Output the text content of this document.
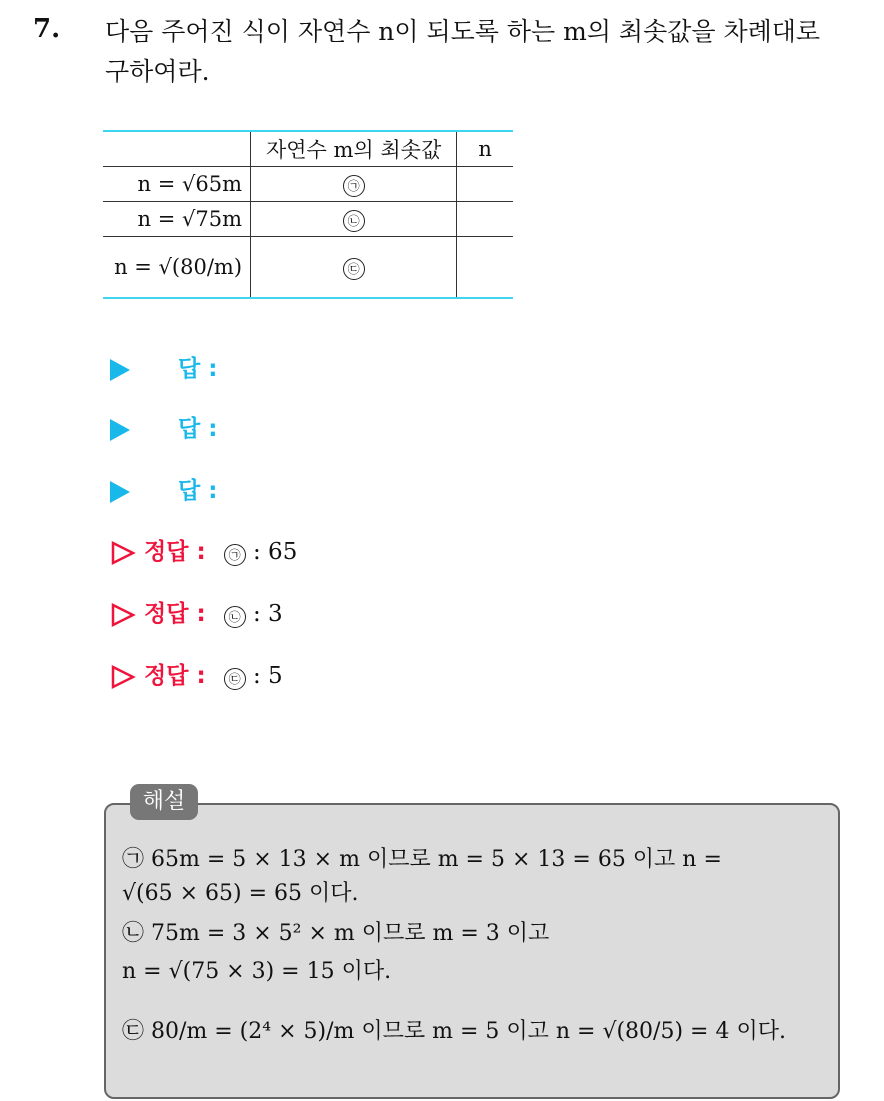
7. 다음 주어진 식이 자연수 n이 되도록 하는 m의 최솟값을 차례대로
구하여라.
	자연수 m의 최솟값	n
n = √65m	㉠	
n = √75m	㉡	
n = √(80/m)	㉢	
답 :
답 :
답 :
정답 : ㉠ : 65
정답 : ㉡ : 3
정답 : ㉢ : 5
해설
㉠ 65m = 5 × 13 × m 이므로 m = 5 × 13 = 65 이고 n =
√(65 × 65) = 65 이다.
㉡ 75m = 3 × 5² × m 이므로 m = 3 이고
n = √(75 × 3) = 15 이다.
㉢ 80/m = (2⁴ × 5)/m 이므로 m = 5 이고 n = √(80/5) = 4 이다.
